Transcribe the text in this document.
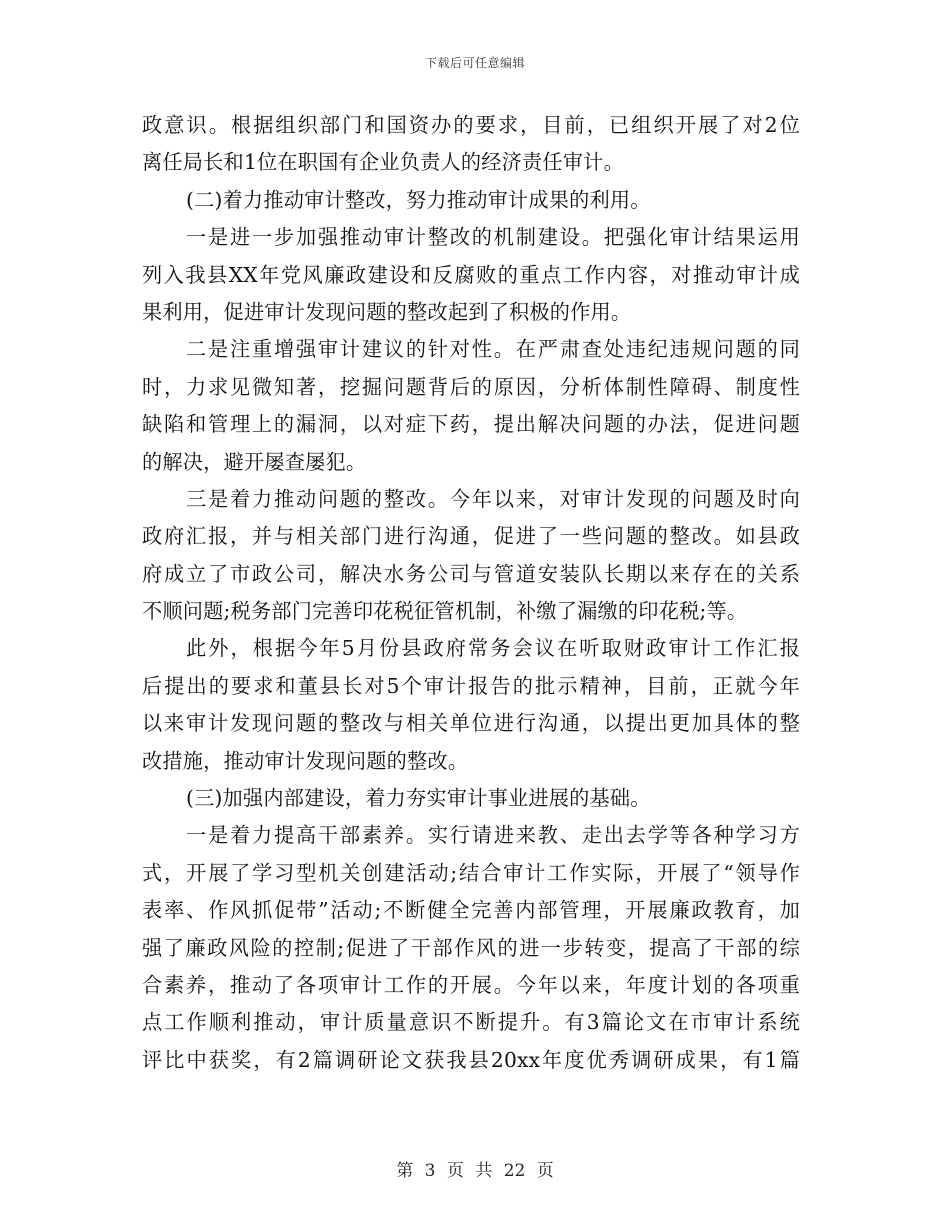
下载后可任意编辑
政意识。根据组织部门和国资办的要求，目前，已组织开展了对2位
离任局长和1位在职国有企业负责人的经济责任审计。
(二)着力推动审计整改，努力推动审计成果的利用。
一是进一步加强推动审计整改的机制建设。把强化审计结果运用
列入我县XX年党风廉政建设和反腐败的重点工作内容，对推动审计成
果利用，促进审计发现问题的整改起到了积极的作用。
二是注重增强审计建议的针对性。在严肃查处违纪违规问题的同
时，力求见微知著，挖掘问题背后的原因，分析体制性障碍、制度性
缺陷和管理上的漏洞，以对症下药，提出解决问题的办法，促进问题
的解决，避开屡查屡犯。
三是着力推动问题的整改。今年以来，对审计发现的问题及时向
政府汇报，并与相关部门进行沟通，促进了一些问题的整改。如县政
府成立了市政公司，解决水务公司与管道安装队长期以来存在的关系
不顺问题;税务部门完善印花税征管机制，补缴了漏缴的印花税;等。
此外，根据今年5月份县政府常务会议在听取财政审计工作汇报
后提出的要求和董县长对5个审计报告的批示精神，目前，正就今年
以来审计发现问题的整改与相关单位进行沟通，以提出更加具体的整
改措施，推动审计发现问题的整改。
(三)加强内部建设，着力夯实审计事业进展的基础。
一是着力提高干部素养。实行请进来教、走出去学等各种学习方
式，开展了学习型机关创建活动;结合审计工作实际，开展了“领导作
表率、作风抓促带”活动;不断健全完善内部管理，开展廉政教育，加
强了廉政风险的控制;促进了干部作风的进一步转变，提高了干部的综
合素养，推动了各项审计工作的开展。今年以来，年度计划的各项重
点工作顺利推动，审计质量意识不断提升。有3篇论文在市审计系统
评比中获奖，有2篇调研论文获我县20xx年度优秀调研成果，有1篇
第 3 页 共 22 页
